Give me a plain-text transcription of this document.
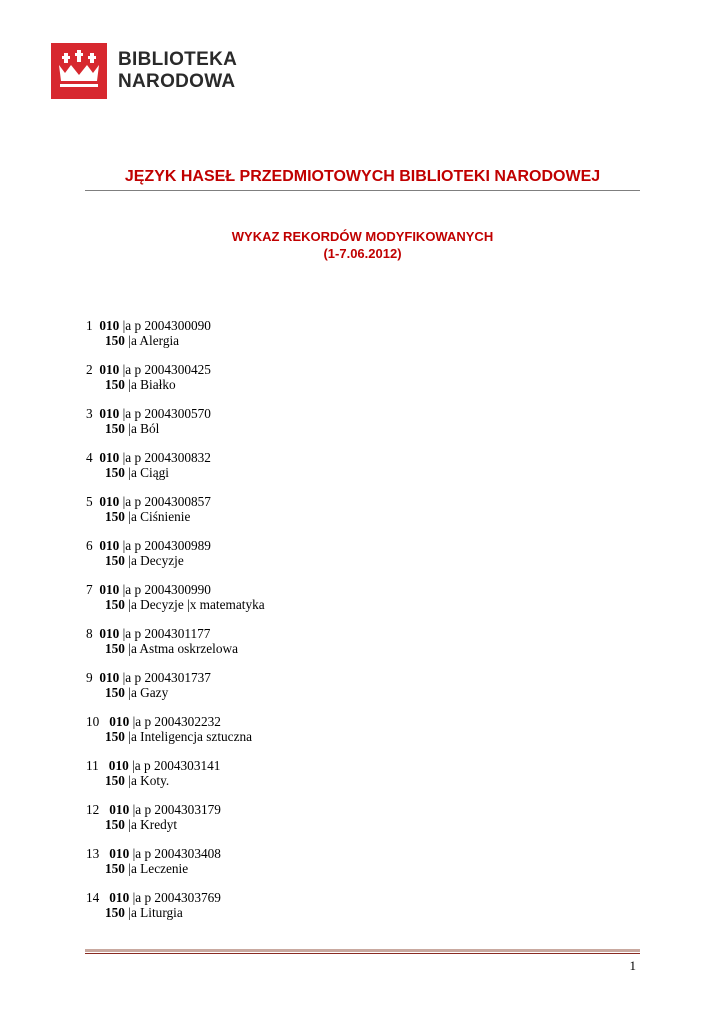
BIBLIOTEKA
NARODOWA
JĘZYK HASEŁ PRZEDMIOTOWYCH BIBLIOTEKI NARODOWEJ
WYKAZ REKORDÓW MODYFIKOWANYCH
(1-7.06.2012)
1 010 |a p 2004300090
150 |a Alergia
2 010 |a p 2004300425
150 |a Białko
3 010 |a p 2004300570
150 |a Ból
4 010 |a p 2004300832
150 |a Ciągi
5 010 |a p 2004300857
150 |a Ciśnienie
6 010 |a p 2004300989
150 |a Decyzje
7 010 |a p 2004300990
150 |a Decyzje |x matematyka
8 010 |a p 2004301177
150 |a Astma oskrzelowa
9 010 |a p 2004301737
150 |a Gazy
10 010 |a p 2004302232
150 |a Inteligencja sztuczna
11 010 |a p 2004303141
150 |a Koty.
12 010 |a p 2004303179
150 |a Kredyt
13 010 |a p 2004303408
150 |a Leczenie
14 010 |a p 2004303769
150 |a Liturgia
1
